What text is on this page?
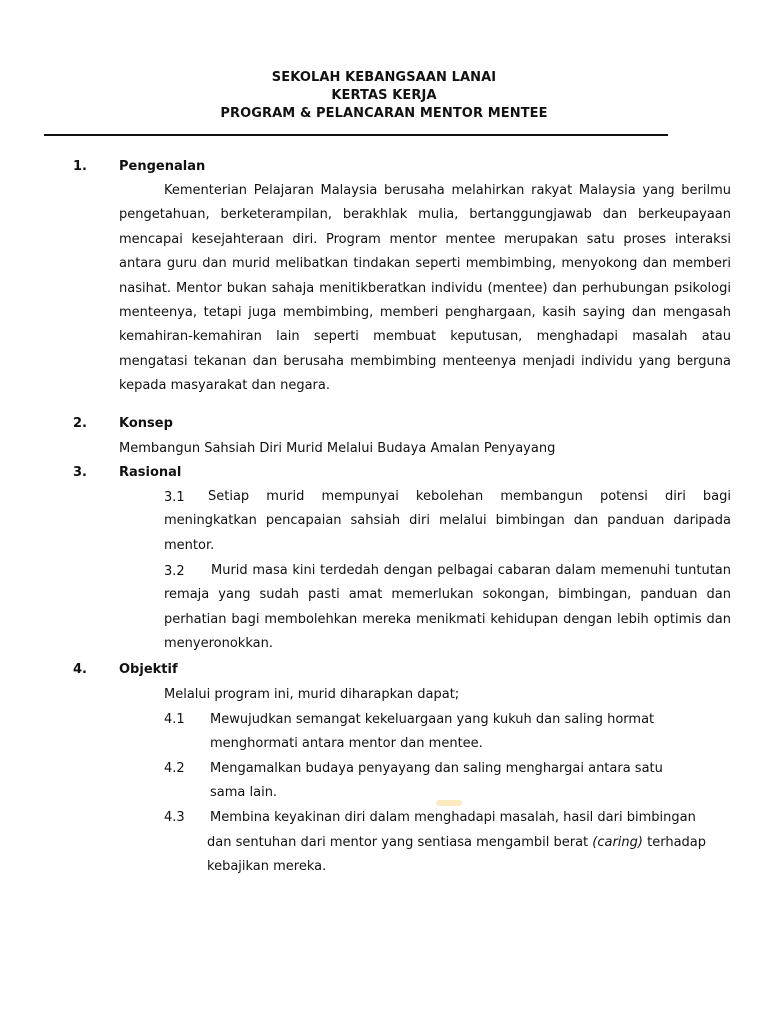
SEKOLAH KEBANGSAAN LANAI
KERTAS KERJA
PROGRAM & PELANCARAN MENTOR MENTEE
1. Pengenalan

Kementerian Pelajaran Malaysia berusaha melahirkan rakyat Malaysia yang berilmu pengetahuan, berketerampilan, berakhlak mulia, bertanggungjawab dan berkeupayaan mencapai kesejahteraan diri. Program mentor mentee merupakan satu proses interaksi antara guru dan murid melibatkan tindakan seperti membimbing, menyokong dan memberi nasihat. Mentor bukan sahaja menitikberatkan individu (mentee) dan perhubungan psikologi menteenya, tetapi juga membimbing, memberi penghargaan, kasih saying dan mengasah kemahiran-kemahiran lain seperti membuat keputusan, menghadapi masalah atau mengatasi tekanan dan berusaha membimbing menteenya menjadi individu yang berguna kepada masyarakat dan negara.

2. Konsep
Membangun Sahsiah Diri Murid Melalui Budaya Amalan Penyayang
3. Rasional
3.1	Setiap murid mempunyai kebolehan membangun potensi diri bagi meningkatkan pencapaian sahsiah diri melalui bimbingan dan panduan daripada mentor.

3.2	Murid masa kini terdedah dengan pelbagai cabaran dalam memenuhi tuntutan remaja yang sudah pasti amat memerlukan sokongan, bimbingan, panduan dan perhatian bagi membolehkan mereka menikmati kehidupan dengan lebih optimis dan menyeronokkan.

4. Objektif
Melalui program ini, murid diharapkan dapat;
4.1 Mewujudkan semangat kekeluargaan yang kukuh dan saling hormat
menghormati antara mentor dan mentee.
4.2 Mengamalkan budaya penyayang dan saling menghargai antara satu
sama lain.
4.3 Membina keyakinan diri dalam menghadapi masalah, hasil dari bimbingan
dan sentuhan dari mentor yang sentiasa mengambil berat (caring) terhadap
kebajikan mereka.
